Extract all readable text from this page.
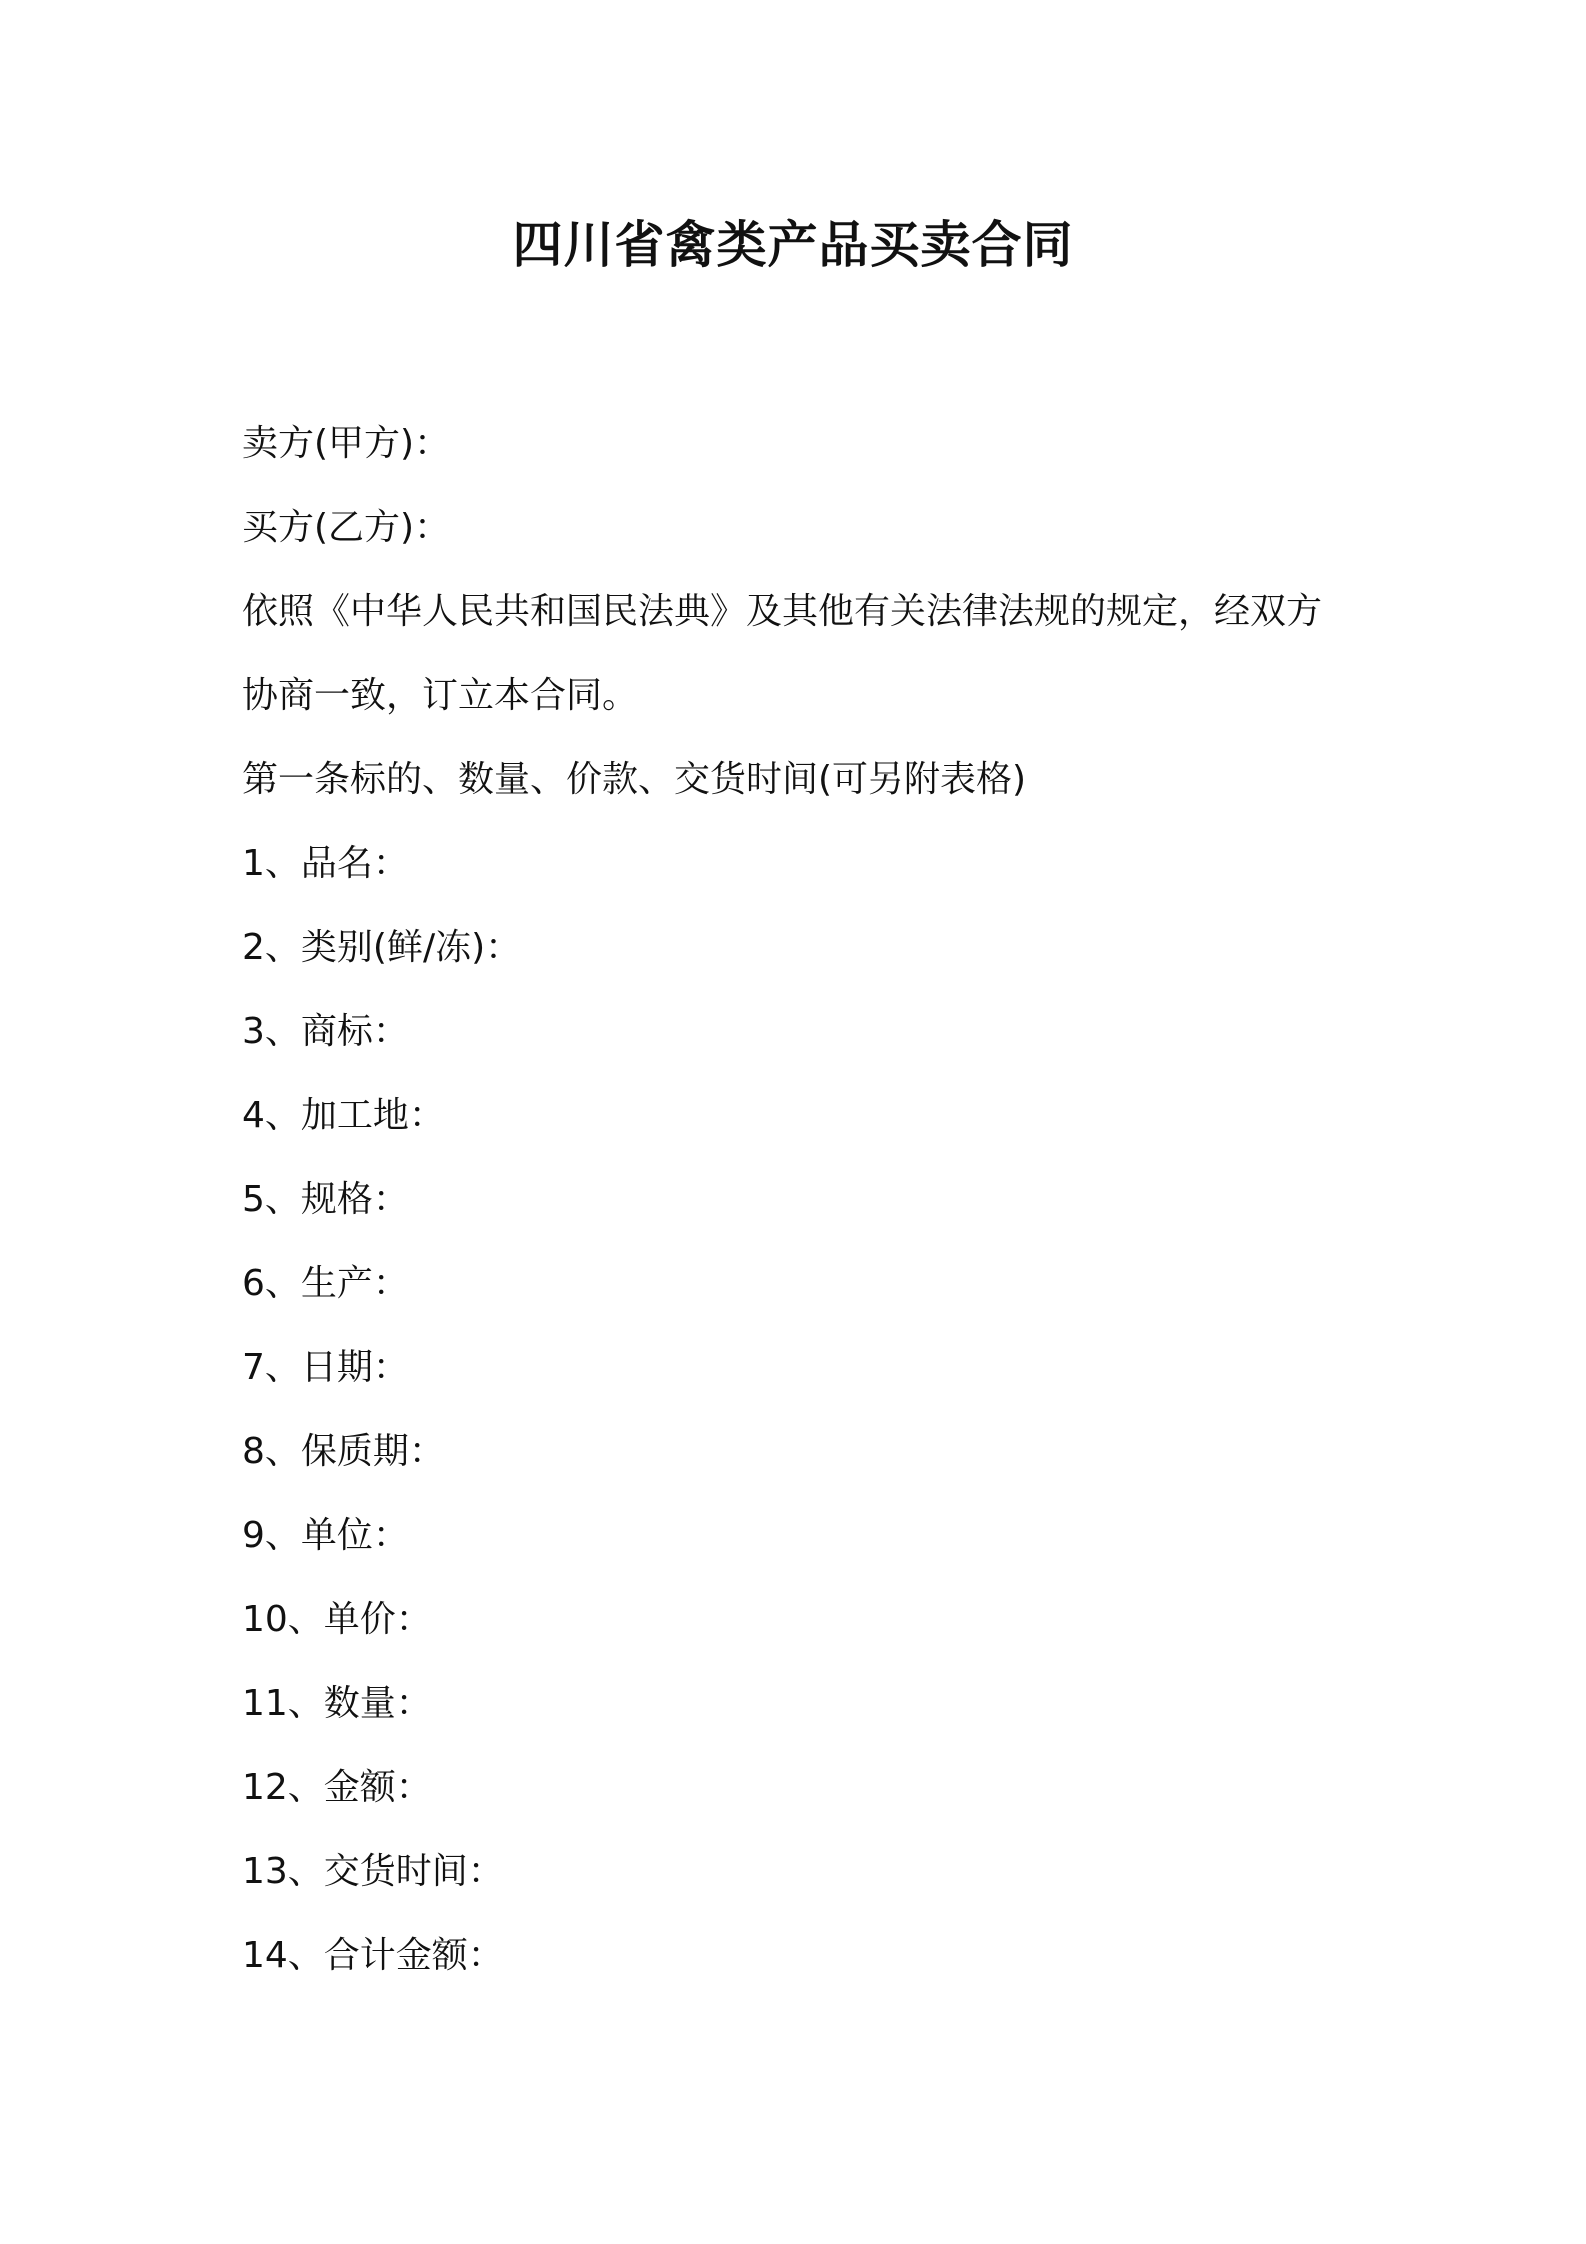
四川省禽类产品买卖合同

卖方(甲方)：

买方(乙方)：

依照《中华人民共和国民法典》及其他有关法律法规的规定，经双方

协商一致，订立本合同。

第一条标的、数量、价款、交货时间(可另附表格)

1、品名：

2、类别(鲜/冻)：

3、商标：

4、加工地：

5、规格：

6、生产：

7、日期：

8、保质期：

9、单位：

10、单价：

11、数量：

12、金额：

13、交货时间：

14、合计金额：
